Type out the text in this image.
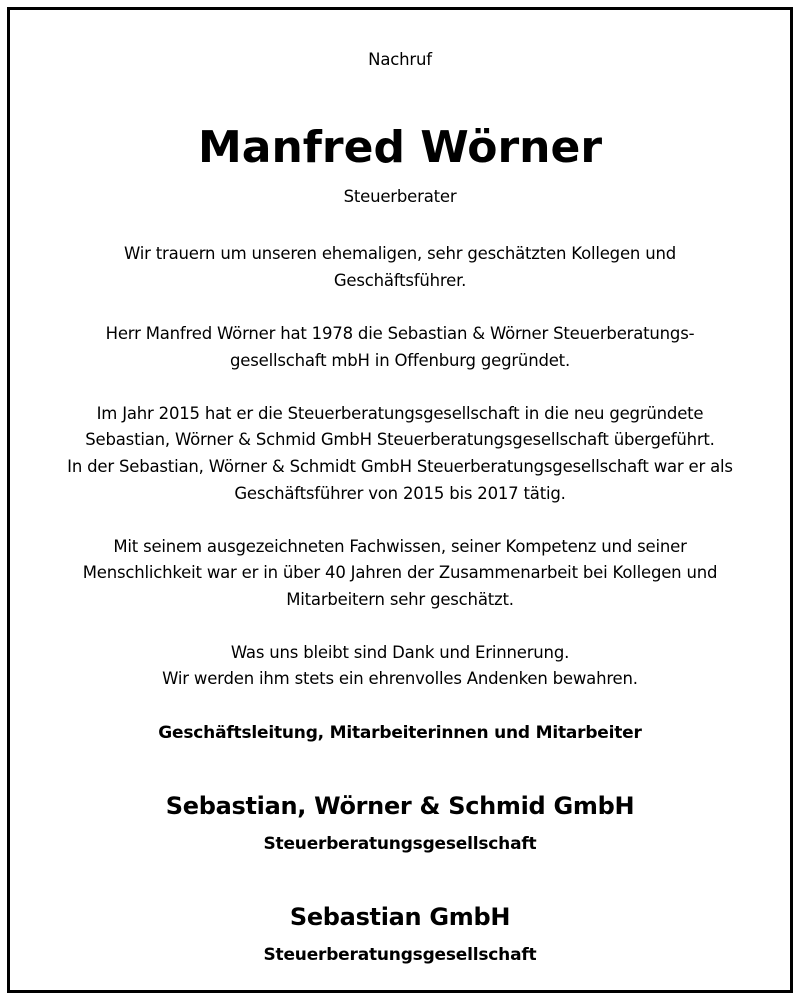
Nachruf
Manfred Wörner
Steuerberater
Wir trauern um unseren ehemaligen, sehr geschätzten Kollegen und
Geschäftsführer.
Herr Manfred Wörner hat 1978 die Sebastian & Wörner Steuerberatungs-
gesellschaft mbH in Offenburg gegründet.
Im Jahr 2015 hat er die Steuerberatungsgesellschaft in die neu gegründete
Sebastian, Wörner & Schmid GmbH Steuerberatungsgesellschaft übergeführt.
In der Sebastian, Wörner & Schmidt GmbH Steuerberatungsgesellschaft war er als
Geschäftsführer von 2015 bis 2017 tätig.
Mit seinem ausgezeichneten Fachwissen, seiner Kompetenz und seiner
Menschlichkeit war er in über 40 Jahren der Zusammenarbeit bei Kollegen und
Mitarbeitern sehr geschätzt.
Was uns bleibt sind Dank und Erinnerung.
Wir werden ihm stets ein ehrenvolles Andenken bewahren.
Geschäftsleitung, Mitarbeiterinnen und Mitarbeiter
Sebastian, Wörner & Schmid GmbH
Steuerberatungsgesellschaft
Sebastian GmbH
Steuerberatungsgesellschaft
